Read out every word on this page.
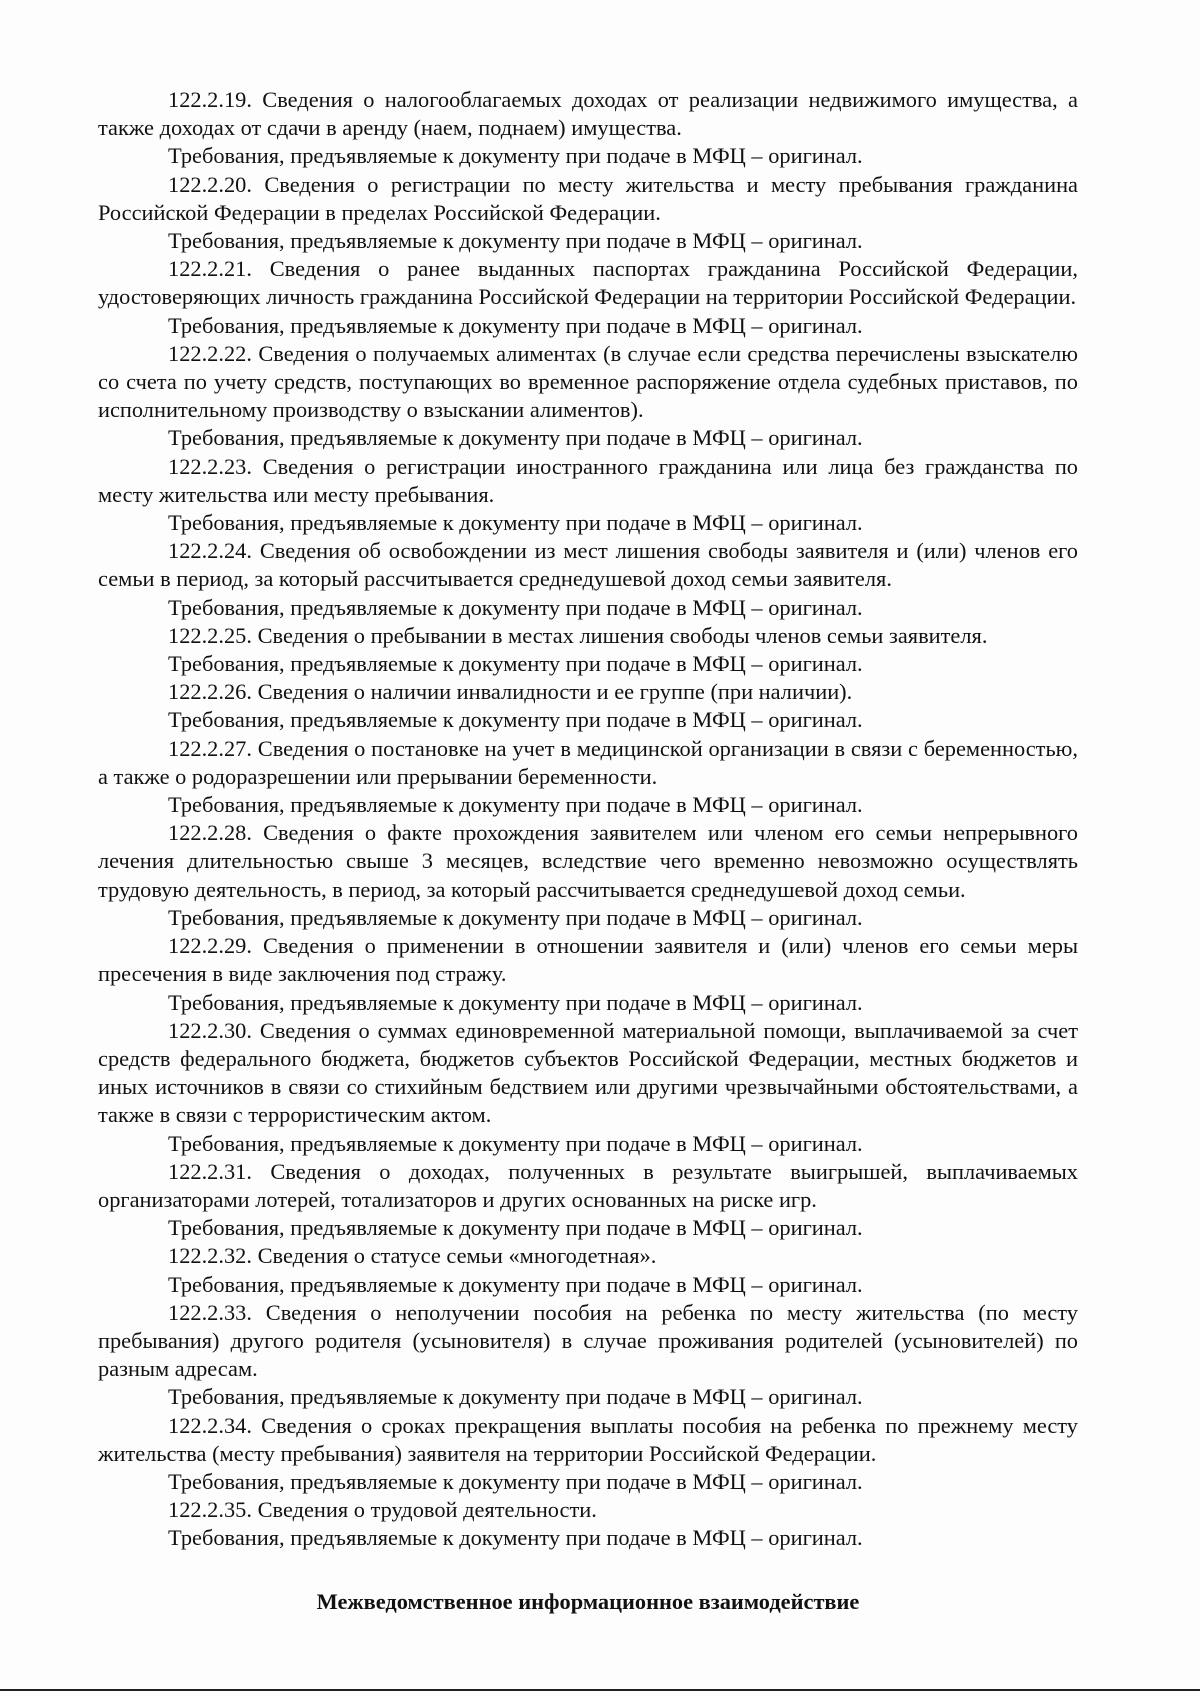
122.2.19. Сведения о налогооблагаемых доходах от реализации недвижимого имущества, а также доходах от сдачи в аренду (наем, поднаем) имущества.

Требования, предъявляемые к документу при подаче в МФЦ – оригинал.

122.2.20. Сведения о регистрации по месту жительства и месту пребывания гражданина Российской Федерации в пределах Российской Федерации.

Требования, предъявляемые к документу при подаче в МФЦ – оригинал.

122.2.21. Сведения о ранее выданных паспортах гражданина Российской Федерации, удостоверяющих личность гражданина Российской Федерации на территории Российской Федерации.

Требования, предъявляемые к документу при подаче в МФЦ – оригинал.

122.2.22. Сведения о получаемых алиментах (в случае если средства перечислены взыскателю со счета по учету средств, поступающих во временное распоряжение отдела судебных приставов, по исполнительному производству о взыскании алиментов).

Требования, предъявляемые к документу при подаче в МФЦ – оригинал.

122.2.23. Сведения о регистрации иностранного гражданина или лица без гражданства по месту жительства или месту пребывания.

Требования, предъявляемые к документу при подаче в МФЦ – оригинал.

122.2.24. Сведения об освобождении из мест лишения свободы заявителя и (или) членов его семьи в период, за который рассчитывается среднедушевой доход семьи заявителя.

Требования, предъявляемые к документу при подаче в МФЦ – оригинал.

122.2.25. Сведения о пребывании в местах лишения свободы членов семьи заявителя.

Требования, предъявляемые к документу при подаче в МФЦ – оригинал.

122.2.26. Сведения о наличии инвалидности и ее группе (при наличии).

Требования, предъявляемые к документу при подаче в МФЦ – оригинал.

122.2.27. Сведения о постановке на учет в медицинской организации в связи с беременностью, а также о родоразрешении или прерывании беременности.

Требования, предъявляемые к документу при подаче в МФЦ – оригинал.

122.2.28. Сведения о факте прохождения заявителем или членом его семьи непрерывного лечения длительностью свыше 3 месяцев, вследствие чего временно невозможно осуществлять трудовую деятельность, в период, за который рассчитывается среднедушевой доход семьи.

Требования, предъявляемые к документу при подаче в МФЦ – оригинал.

122.2.29. Сведения о применении в отношении заявителя и (или) членов его семьи меры пресечения в виде заключения под стражу.

Требования, предъявляемые к документу при подаче в МФЦ – оригинал.

122.2.30. Сведения о суммах единовременной материальной помощи, выплачиваемой за счет средств федерального бюджета, бюджетов субъектов Российской Федерации, местных бюджетов и иных источников в связи со стихийным бедствием или другими чрезвычайными обстоятельствами, а также в связи с террористическим актом.

Требования, предъявляемые к документу при подаче в МФЦ – оригинал.

122.2.31. Сведения о доходах, полученных в результате выигрышей, выплачиваемых организаторами лотерей, тотализаторов и других основанных на риске игр.

Требования, предъявляемые к документу при подаче в МФЦ – оригинал.

122.2.32. Сведения о статусе семьи «многодетная».

Требования, предъявляемые к документу при подаче в МФЦ – оригинал.

122.2.33. Сведения о неполучении пособия на ребенка по месту жительства (по месту пребывания) другого родителя (усыновителя) в случае проживания родителей (усыновителей) по разным адресам.

Требования, предъявляемые к документу при подаче в МФЦ – оригинал.

122.2.34. Сведения о сроках прекращения выплаты пособия на ребенка по прежнему месту жительства (месту пребывания) заявителя на территории Российской Федерации.

Требования, предъявляемые к документу при подаче в МФЦ – оригинал.

122.2.35. Сведения о трудовой деятельности.

Требования, предъявляемые к документу при подаче в МФЦ – оригинал.

Межведомственное информационное взаимодействие
